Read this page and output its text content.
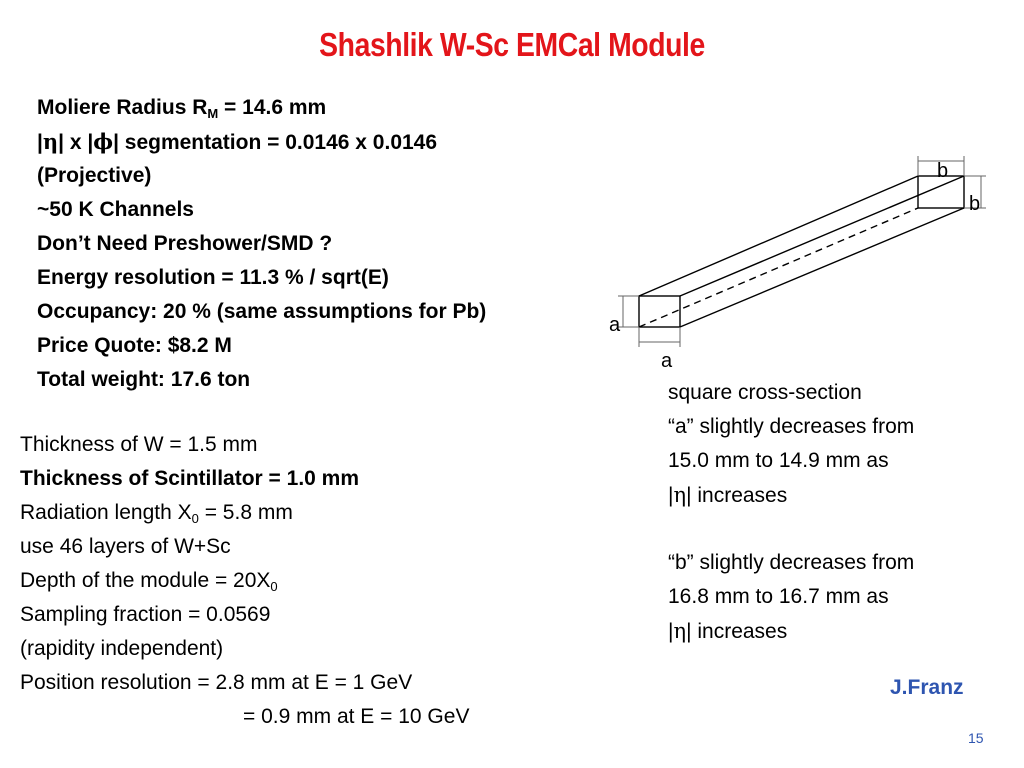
Shashlik W-Sc EMCal Module
Moliere Radius $R_M = 14.6$ mm
|η| x |ϕ| segmentation = 0.0146 x 0.0146
(Projective)
~50 K Channels
Don’t Need Preshower/SMD ?
Energy resolution = 11.3 % / sqrt(E)
Occupancy: 20 % (same assumptions for Pb)
Price Quote: $8.2 M
Total weight: 17.6 ton
Thickness of W = 1.5 mm
Thickness of Scintillator = 1.0 mm
Radiation length $X_0 = 5.8$ mm
use 46 layers of W+Sc
Depth of the module = $20X_0$
Sampling fraction = 0.0569
(rapidity independent)
Position resolution = 2.8 mm at E = 1 GeV
= 0.9 mm at E = 10 GeV
a
a
b
b
square cross-section
“a” slightly decreases from
15.0 mm to 14.9 mm as
|η| increases
“b” slightly decreases from
16.8 mm to 16.7 mm as
|η| increases
J.Franz
15
